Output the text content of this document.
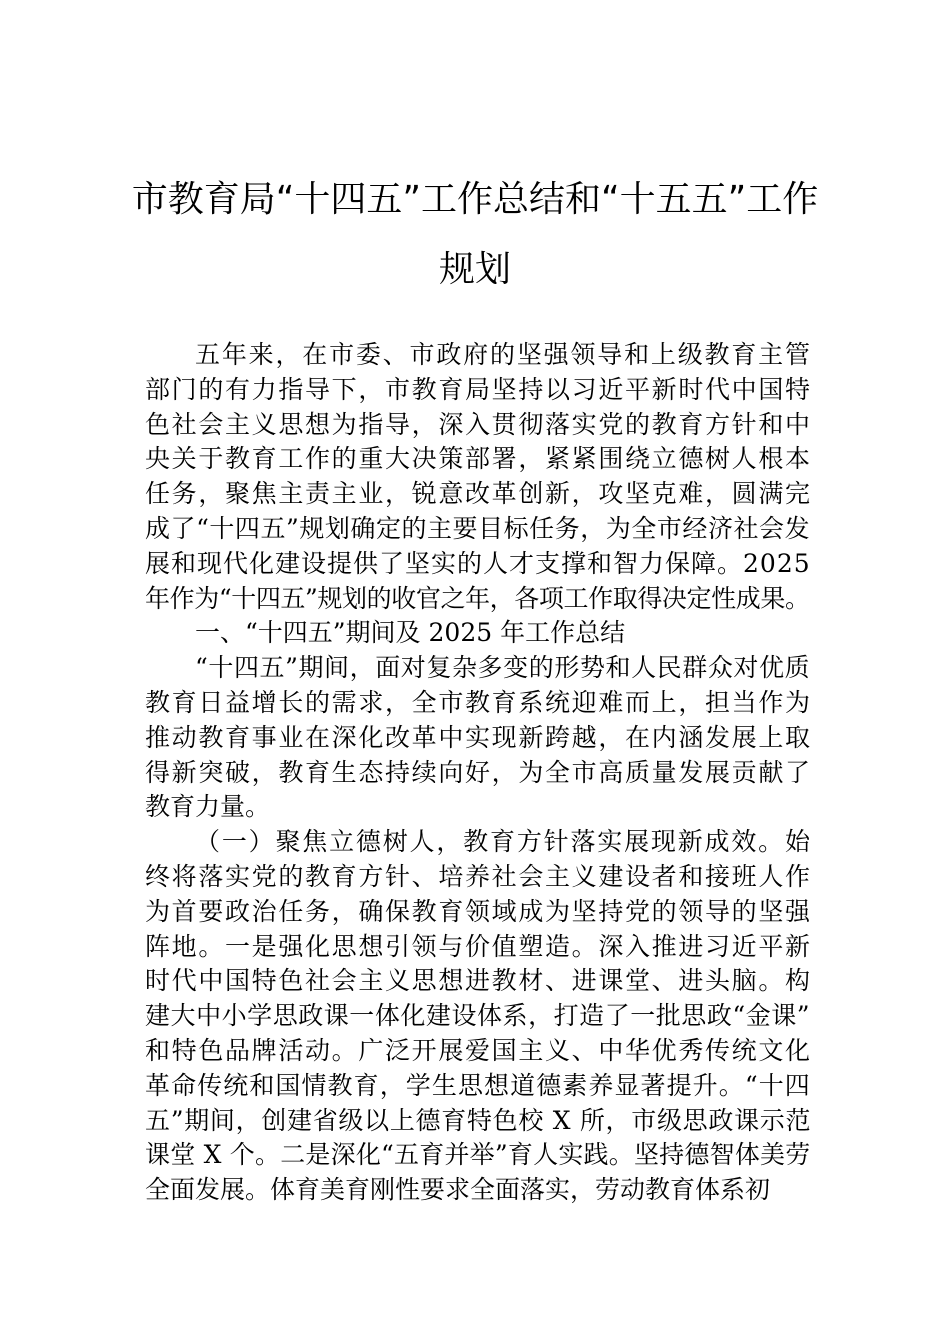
市教育局“十四五”工作总结和“十五五”工作
规划
五年来，在市委、市政府的坚强领导和上级教育主管
部门的有力指导下，市教育局坚持以习近平新时代中国特
色社会主义思想为指导，深入贯彻落实党的教育方针和中
央关于教育工作的重大决策部署，紧紧围绕立德树人根本
任务，聚焦主责主业，锐意改革创新，攻坚克难，圆满完
成了“十四五”规划确定的主要目标任务，为全市经济社会发
展和现代化建设提供了坚实的人才支撑和智力保障。2025
年作为“十四五”规划的收官之年，各项工作取得决定性成果。
一、“十四五”期间及 2025 年工作总结
“十四五”期间，面对复杂多变的形势和人民群众对优质
教育日益增长的需求，全市教育系统迎难而上，担当作为
推动教育事业在深化改革中实现新跨越，在内涵发展上取
得新突破，教育生态持续向好，为全市高质量发展贡献了
教育力量。
（一）聚焦立德树人，教育方针落实展现新成效。始
终将落实党的教育方针、培养社会主义建设者和接班人作
为首要政治任务，确保教育领域成为坚持党的领导的坚强
阵地。一是强化思想引领与价值塑造。深入推进习近平新
时代中国特色社会主义思想进教材、进课堂、进头脑。构
建大中小学思政课一体化建设体系，打造了一批思政“金课”
和特色品牌活动。广泛开展爱国主义、中华优秀传统文化
革命传统和国情教育，学生思想道德素养显著提升。“十四
五”期间，创建省级以上德育特色校 X 所，市级思政课示范
课堂 X 个。二是深化“五育并举”育人实践。坚持德智体美劳
全面发展。体育美育刚性要求全面落实，劳动教育体系初
